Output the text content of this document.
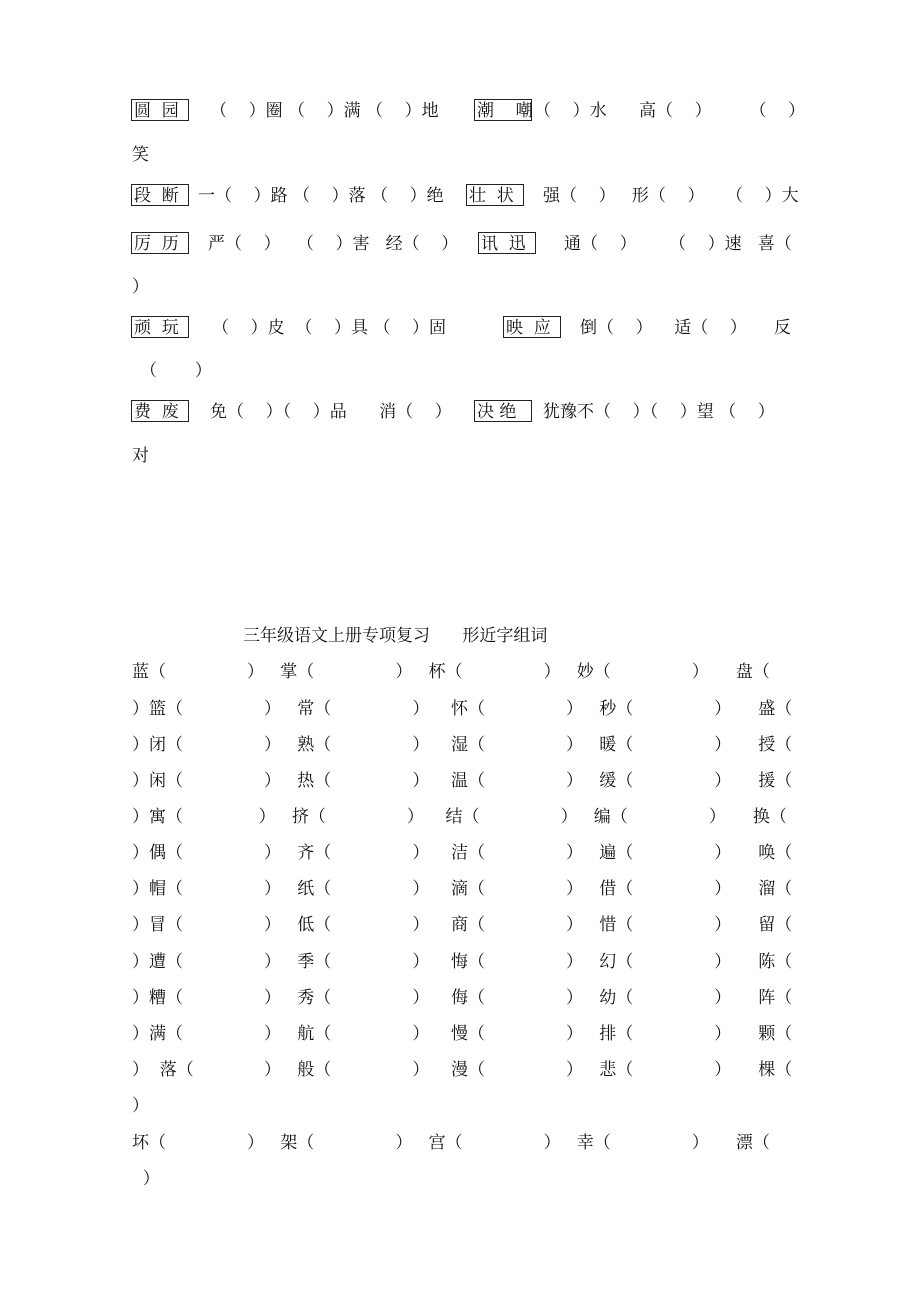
圆  园	（    ）圈 （    ）满 （    ）地 潮    嘲 （    ）水      高（    ）       （    ）
笑
段  断	一（    ）路 （    ）落 （    ）绝 壮  状	强（    ）   形（    ）    （    ）大
厉  历	严（    ）   （    ）害   经（    ） 讯  迅	通（    ）      （    ）速   喜（
）
顽  玩	（    ）皮  （    ）具 （    ）固	映  应	倒（    ）    适（    ）     反
（       ）
费  废	免（    ）（    ）品      消（    ） 决 绝	犹豫不（    ）（    ）望 （    ）
对
三年级语文上册专项复习      形近字组词
蓝（               ）   掌（               ）   杯（               ）   妙（               ）     盘（
）篮（               ）   常（               ）    怀（               ）   秒（               ）     盛（
）闭（               ）   熟（               ）    湿（               ）   暖（               ）     授（
）闲（               ）   热（               ）    温（               ）   缓（               ）     援（
）寓（              ）   挤（               ）    结（               ）   编（               ）     换（
）偶（               ）   齐（               ）    洁（               ）   遍（               ）     唤（
）帽（               ）   纸（               ）    滴（               ）   借（               ）     溜（
）冒（               ）   低（               ）    商（               ）   惜（               ）     留（
）遭（               ）   季（               ）    悔（               ）   幻（               ）     陈（
）糟（               ）   秀（               ）    侮（               ）   幼（               ）     阵（
）满（               ）   航（               ）    慢（               ）   排（               ）     颗（
）  落（             ）   般（               ）    漫（               ）   悲（               ）     棵（
）
坏（               ）   架（               ）   宫（               ）   幸（               ）     漂（
）
